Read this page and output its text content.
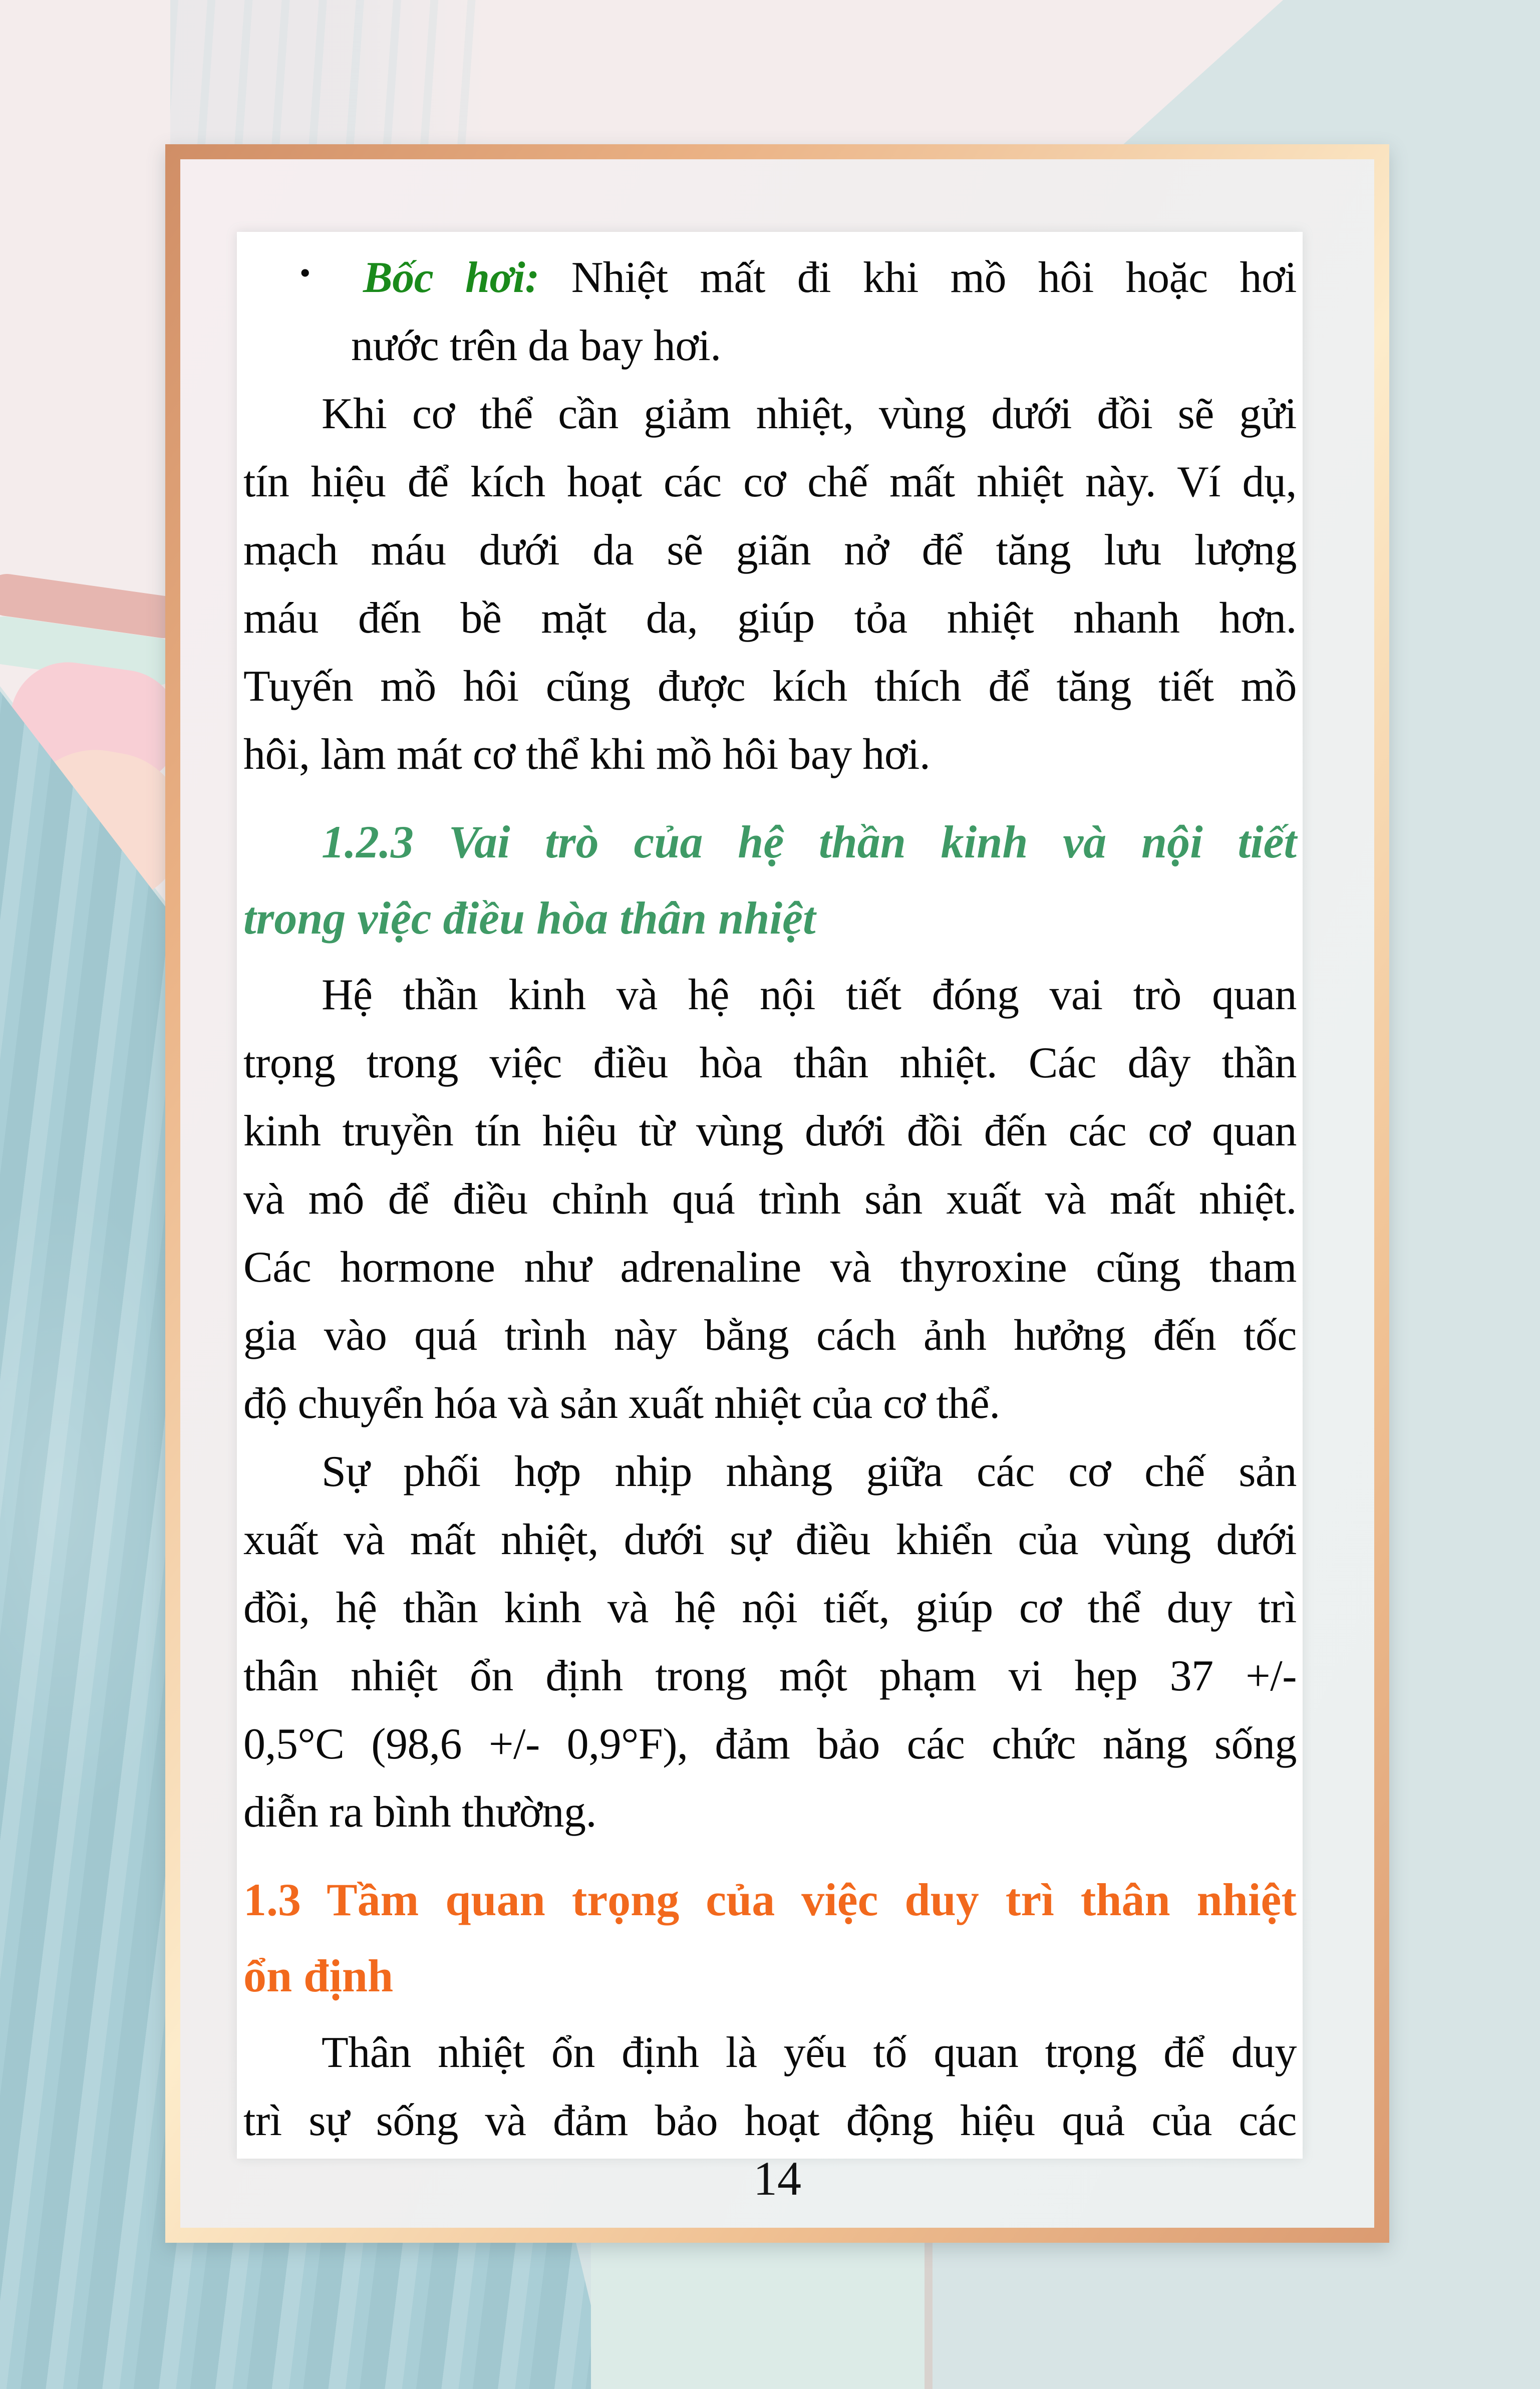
• Bốc hơi: Nhiệt mất đi khi mồ hôi hoặc hơi
nước trên da bay hơi.
Khi cơ thể cần giảm nhiệt, vùng dưới đồi sẽ gửi
tín hiệu để kích hoạt các cơ chế mất nhiệt này. Ví dụ,
mạch máu dưới da sẽ giãn nở để tăng lưu lượng
máu đến bề mặt da, giúp tỏa nhiệt nhanh hơn.
Tuyến mồ hôi cũng được kích thích để tăng tiết mồ
hôi, làm mát cơ thể khi mồ hôi bay hơi.
1.2.3 Vai trò của hệ thần kinh và nội tiết
trong việc điều hòa thân nhiệt
Hệ thần kinh và hệ nội tiết đóng vai trò quan
trọng trong việc điều hòa thân nhiệt. Các dây thần
kinh truyền tín hiệu từ vùng dưới đồi đến các cơ quan
và mô để điều chỉnh quá trình sản xuất và mất nhiệt.
Các hormone như adrenaline và thyroxine cũng tham
gia vào quá trình này bằng cách ảnh hưởng đến tốc
độ chuyển hóa và sản xuất nhiệt của cơ thể.
Sự phối hợp nhịp nhàng giữa các cơ chế sản
xuất và mất nhiệt, dưới sự điều khiển của vùng dưới
đồi, hệ thần kinh và hệ nội tiết, giúp cơ thể duy trì
thân nhiệt ổn định trong một phạm vi hẹp 37 +/-
0,5°C (98,6 +/- 0,9°F), đảm bảo các chức năng sống
diễn ra bình thường.
1.3 Tầm quan trọng của việc duy trì thân nhiệt
ổn định
Thân nhiệt ổn định là yếu tố quan trọng để duy
trì sự sống và đảm bảo hoạt động hiệu quả của các
14
